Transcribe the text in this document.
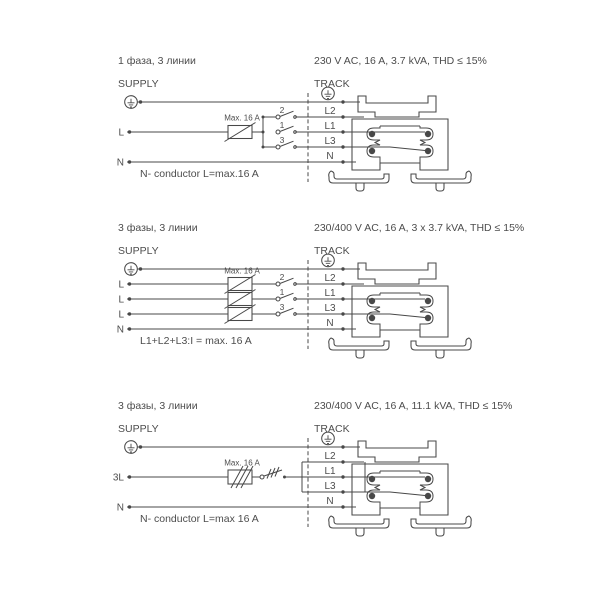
1 фаза, 3 линии	230 V AC, 16 A, 3.7 kVA, THD ≤ 15%
SUPPLY	TRACK
L
N
Max. 16 A
2
1
3
L2
L1
L3
N
N- conductor L=max.16 A
3 фазы, 3 линии	230/400 V AC, 16 A, 3 x 3.7 kVA, THD ≤ 15%
SUPPLY	TRACK
L
L
L
N
Max. 16 A
2
1
3
L2
L1
L3
N
L1+L2+L3:I = max. 16 A
3 фазы, 3 линии	230/400 V AC, 16 A, 11.1 kVA, THD ≤ 15%
SUPPLY	TRACK
3L
N
Max. 16 A
L2
L1
L3
N
N- conductor L=max 16 A
